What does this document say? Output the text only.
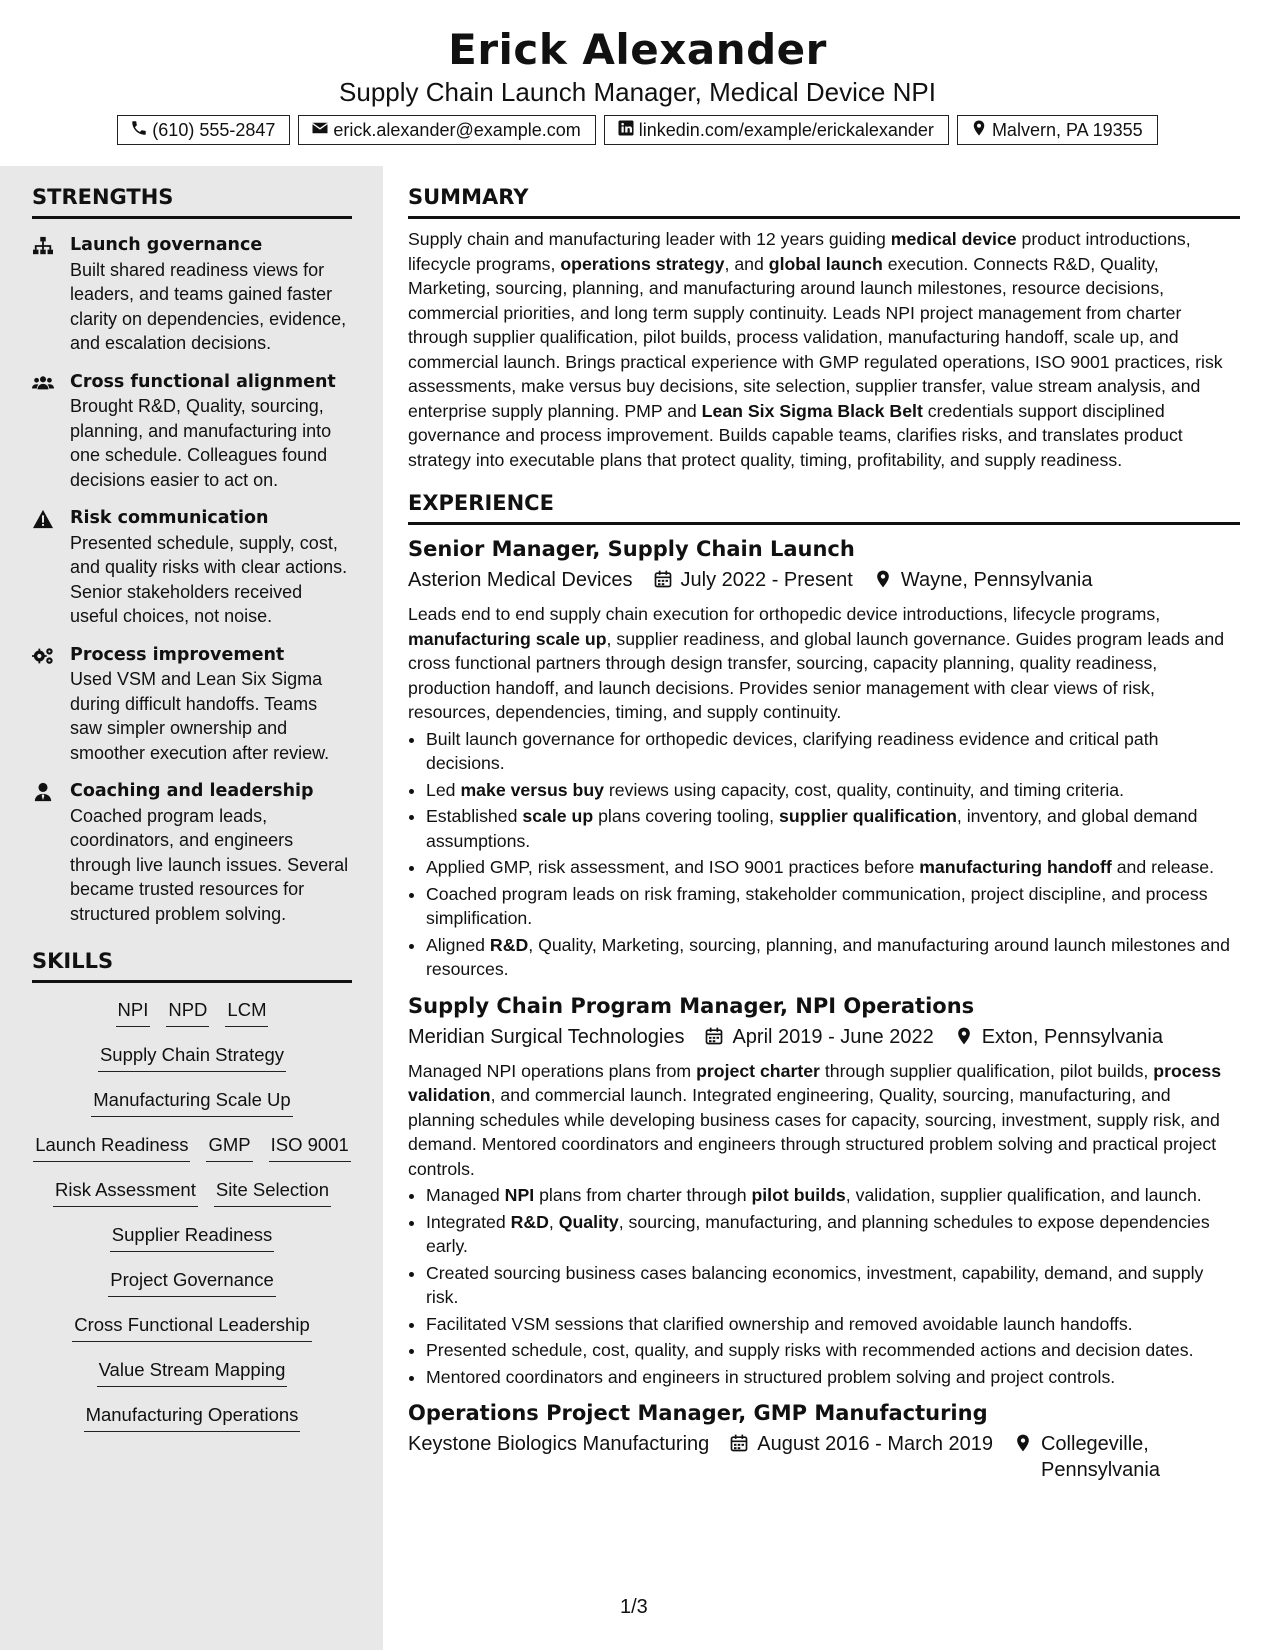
Erick Alexander
Supply Chain Launch Manager, Medical Device NPI
(610) 555-2847	erick.alexander@example.com	linkedin.com/example/erickalexander	Malvern, PA 19355
STRENGTHS
Launch governance
Built shared readiness views for leaders, and teams gained faster clarity on dependencies, evidence, and escalation decisions.
Cross functional alignment
Brought R&D, Quality, sourcing, planning, and manufacturing into one schedule. Colleagues found decisions easier to act on.
Risk communication
Presented schedule, supply, cost, and quality risks with clear actions. Senior stakeholders received useful choices, not noise.
Process improvement
Used VSM and Lean Six Sigma during difficult handoffs. Teams saw simpler ownership and smoother execution after review.
Coaching and leadership
Coached program leads, coordinators, and engineers through live launch issues. Several became trusted resources for structured problem solving.
SKILLS
NPI NPD LCM
Supply Chain Strategy
Manufacturing Scale Up
Launch Readiness GMP ISO 9001
Risk Assessment Site Selection
Supplier Readiness
Project Governance
Cross Functional Leadership
Value Stream Mapping
Manufacturing Operations
SUMMARY
Supply chain and manufacturing leader with 12 years guiding medical device product introductions, lifecycle programs, operations strategy, and global launch execution. Connects R&D, Quality, Marketing, sourcing, planning, and manufacturing around launch milestones, resource decisions, commercial priorities, and long term supply continuity. Leads NPI project management from charter through supplier qualification, pilot builds, process validation, manufacturing handoff, scale up, and commercial launch. Brings practical experience with GMP regulated operations, ISO 9001 practices, risk assessments, make versus buy decisions, site selection, supplier transfer, value stream analysis, and enterprise supply planning. PMP and Lean Six Sigma Black Belt credentials support disciplined governance and process improvement. Builds capable teams, clarifies risks, and translates product strategy into executable plans that protect quality, timing, profitability, and supply readiness.
EXPERIENCE
Senior Manager, Supply Chain Launch
Asterion Medical Devices July 2022 - Present Wayne, Pennsylvania
Leads end to end supply chain execution for orthopedic device introductions, lifecycle programs, manufacturing scale up, supplier readiness, and global launch governance. Guides program leads and cross functional partners through design transfer, sourcing, capacity planning, quality readiness, production handoff, and launch decisions. Provides senior management with clear views of risk, resources, dependencies, timing, and supply continuity.
• Built launch governance for orthopedic devices, clarifying readiness evidence and critical path decisions.
• Led make versus buy reviews using capacity, cost, quality, continuity, and timing criteria.
• Established scale up plans covering tooling, supplier qualification, inventory, and global demand assumptions.
• Applied GMP, risk assessment, and ISO 9001 practices before manufacturing handoff and release.
• Coached program leads on risk framing, stakeholder communication, project discipline, and process simplification.
• Aligned R&D, Quality, Marketing, sourcing, planning, and manufacturing around launch milestones and resources.
Supply Chain Program Manager, NPI Operations
Meridian Surgical Technologies April 2019 - June 2022 Exton, Pennsylvania
Managed NPI operations plans from project charter through supplier qualification, pilot builds, process validation, and commercial launch. Integrated engineering, Quality, sourcing, manufacturing, and planning schedules while developing business cases for capacity, sourcing, investment, supply risk, and demand. Mentored coordinators and engineers through structured problem solving and practical project controls.
• Managed NPI plans from charter through pilot builds, validation, supplier qualification, and launch.
• Integrated R&D, Quality, sourcing, manufacturing, and planning schedules to expose dependencies early.
• Created sourcing business cases balancing economics, investment, capability, demand, and supply risk.
• Facilitated VSM sessions that clarified ownership and removed avoidable launch handoffs.
• Presented schedule, cost, quality, and supply risks with recommended actions and decision dates.
• Mentored coordinators and engineers in structured problem solving and project controls.
Operations Project Manager, GMP Manufacturing
Keystone Biologics Manufacturing August 2016 - March 2019 Collegeville, Pennsylvania
1/3
